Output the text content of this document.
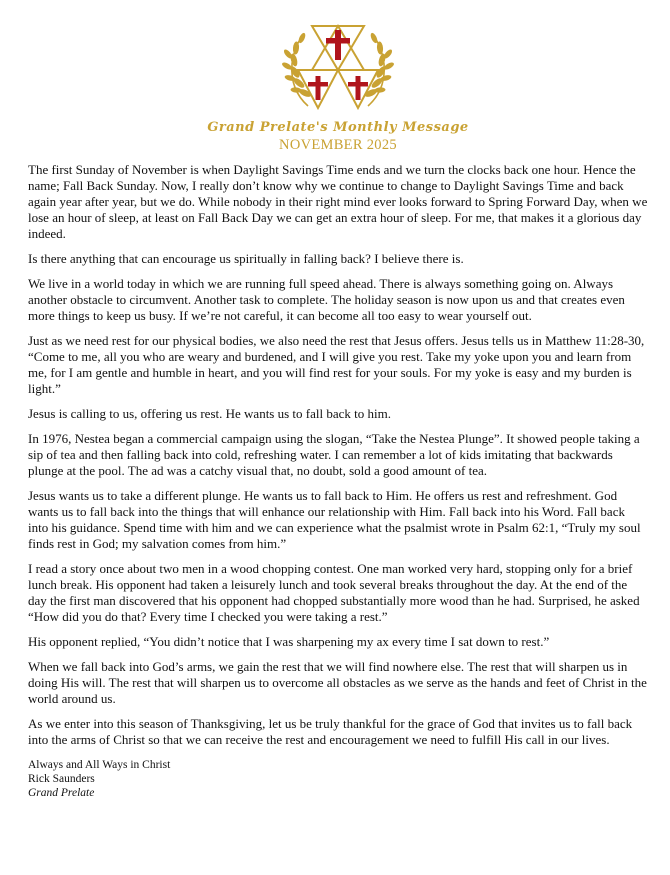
Grand Prelate's Monthly Message
NOVEMBER 2025

The first Sunday of November is when Daylight Savings Time ends and we turn the clocks back one hour. Hence the name; Fall Back Sunday. Now, I really don’t know why we continue to change to Daylight Savings Time and back again year after year, but we do. While nobody in their right mind ever looks forward to Spring Forward Day, when we lose an hour of sleep, at least on Fall Back Day we can get an extra hour of sleep. For me, that makes it a glorious day indeed.

Is there anything that can encourage us spiritually in falling back? I believe there is.

We live in a world today in which we are running full speed ahead. There is always something going on. Always another obstacle to circumvent. Another task to complete. The holiday season is now upon us and that creates even more things to keep us busy. If we’re not careful, it can become all too easy to wear yourself out.

Just as we need rest for our physical bodies, we also need the rest that Jesus offers. Jesus tells us in Matthew 11:28-30, “Come to me, all you who are weary and burdened, and I will give you rest. Take my yoke upon you and learn from me, for I am gentle and humble in heart, and you will find rest for your souls. For my yoke is easy and my burden is light.”

Jesus is calling to us, offering us rest. He wants us to fall back to him.

In 1976, Nestea began a commercial campaign using the slogan, “Take the Nestea Plunge”. It showed people taking a sip of tea and then falling back into cold, refreshing water. I can remember a lot of kids imitating that backwards plunge at the pool. The ad was a catchy visual that, no doubt, sold a good amount of tea.

Jesus wants us to take a different plunge. He wants us to fall back to Him. He offers us rest and refreshment. God wants us to fall back into the things that will enhance our relationship with Him. Fall back into his Word. Fall back into his guidance. Spend time with him and we can experience what the psalmist wrote in Psalm 62:1, “Truly my soul finds rest in God; my salvation comes from him.”

I read a story once about two men in a wood chopping contest. One man worked very hard, stopping only for a brief lunch break. His opponent had taken a leisurely lunch and took several breaks throughout the day. At the end of the day the first man discovered that his opponent had chopped substantially more wood than he had. Surprised, he asked “How did you do that? Every time I checked you were taking a rest.”

His opponent replied, “You didn’t notice that I was sharpening my ax every time I sat down to rest.”

When we fall back into God’s arms, we gain the rest that we will find nowhere else. The rest that will sharpen us in doing His will. The rest that will sharpen us to overcome all obstacles as we serve as the hands and feet of Christ in the world around us.

As we enter into this season of Thanksgiving, let us be truly thankful for the grace of God that invites us to fall back into the arms of Christ so that we can receive the rest and encouragement we need to fulfill His call in our lives.

Always and All Ways in Christ
Rick Saunders
Grand Prelate
